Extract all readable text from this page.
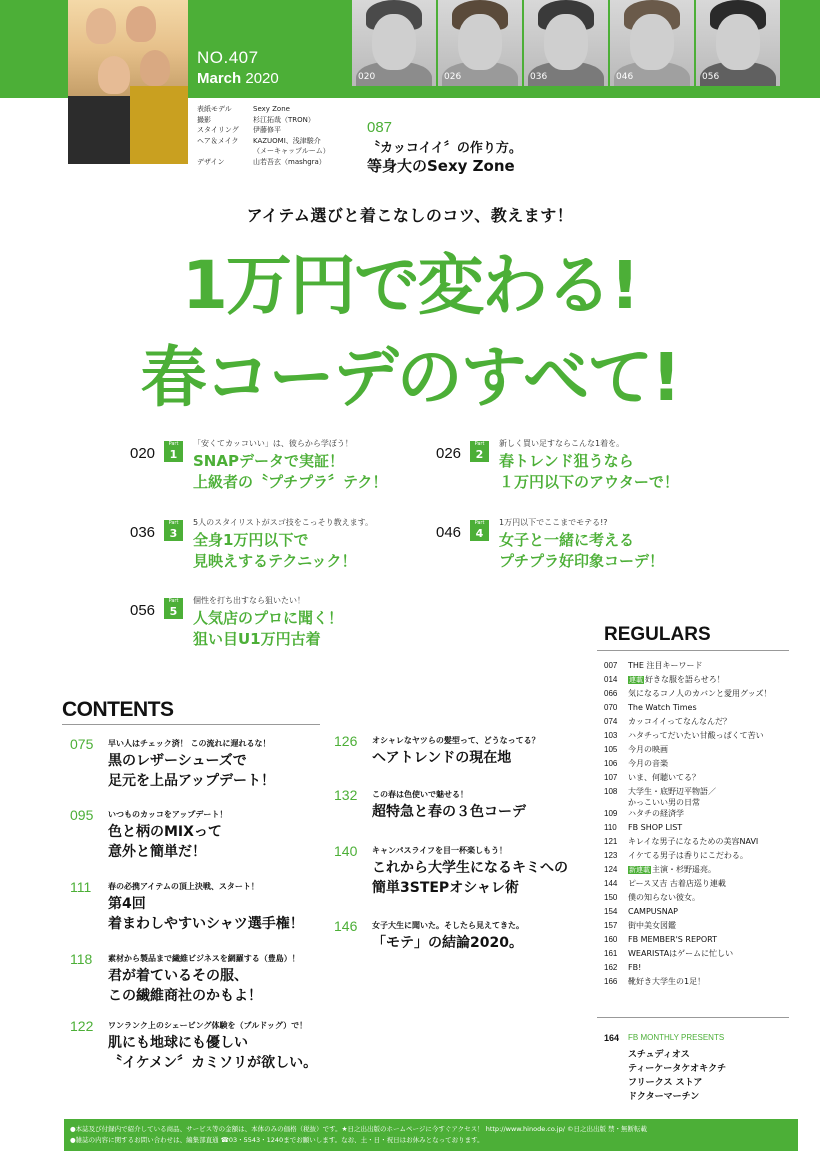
NO.407
March 2020	020	026	036	046	056
表紙モデル	Sexy Zone
撮影	杉江拓哉（TRON）
スタイリング	伊藤修平
ヘア＆メイク	KAZUOMI、浅津駿介
（メーキャップルーム）
デザイン	山若吾玄（mashgra）
087
〝カッコイイ〞の作り方。
等身大のSexy Zone
アイテム選びと着こなしのコツ、教えます！
1万円で変わる!
春コーデのすべて!
020
Part
1
「安くてカッコいい」は、彼らから学ぼう！
SNAPデータで実証！
上級者の〝プチプラ〞テク！
026
Part
2
新しく買い足すならこんな1着を。
春トレンド狙うなら
１万円以下のアウターで！
036
Part
3
5人のスタイリストがスゴ技をこっそり教えます。
全身1万円以下で
見映えするテクニック！
046
Part
4
1万円以下でここまでモテる!?
女子と一緒に考える
プチプラ好印象コーデ！
056
Part
5
個性を打ち出すなら狙いたい！
人気店のプロに聞く！
狙い目U1万円古着
CONTENTS
075 早い人はチェック済！ この流れに遅れるな！
黒のレザーシューズで
足元を上品アップデート！
095 いつものカッコをアップデート！
色と柄のMIXって
意外と簡単だ！
111 春の必携アイテムの頂上決戦、スタート！
第4回
着まわしやすいシャツ選手権！
118 素材から製品まで繊維ビジネスを網羅する（豊島）！
君が着ているその服、
この繊維商社のかもよ！
122 ワンランク上のシェービング体験を（ブルドッグ）で！
肌にも地球にも優しい
〝イケメン〞カミソリが欲しい。
126 オシャレなヤツらの髪型って、どうなってる？
ヘアトレンドの現在地
132 この春は色使いで魅せる！
超特急と春の３色コーデ
140 キャンパスライフを目一杯楽しもう！
これから大学生になるキミへの
簡単3STEPオシャレ術
146 女子大生に聞いた。そしたら見えてきた。
「モテ」の結論2020。
REGULARS
007	THE 注目キーワード
014	連載 好きな服を語らせろ！
066	気になるコノ人のカバンと愛用グッズ！
070	The Watch Times
074	カッコイイってなんなんだ？
103	ハタチってだいたい甘酸っぱくて苦い
105	今月の映画
106	今月の音楽
107	いま、何聴いてる？
108	大学生・底野辺平物語／
かっこいい男の日常
109	ハタチの経済学
110	FB SHOP LIST
121	キレイな男子になるための美容NAVI
123	イケてる男子は香りにこだわる。
124	新連載 主演・杉野遥亮。
144	ピース又吉 古着店巡り連載
150	僕の知らない彼女。
154	CAMPUSNAP
157	街中美女図鑑
160	FB MEMBER'S REPORT
161	WEARISTAはゲームに忙しい
162	FB!
166	靴好き大学生の1足！
164 FB MONTHLY PRESENTS
スチュディオス
ティーケータケオキクチ
フリークス ストア
ドクターマーチン
●本誌及び付録内で紹介している商品、サービス等の金額は、本体のみの価格（税抜）です。★日之出出版のホームページに今すぐアクセス！ http://www.hinode.co.jp/ ©日之出出版 禁・無断転載
●雑誌の内容に関するお問い合わせは、編集部直通 ☎03・5543・1240までお願いします。なお、土・日・祝日はお休みとなっております。
